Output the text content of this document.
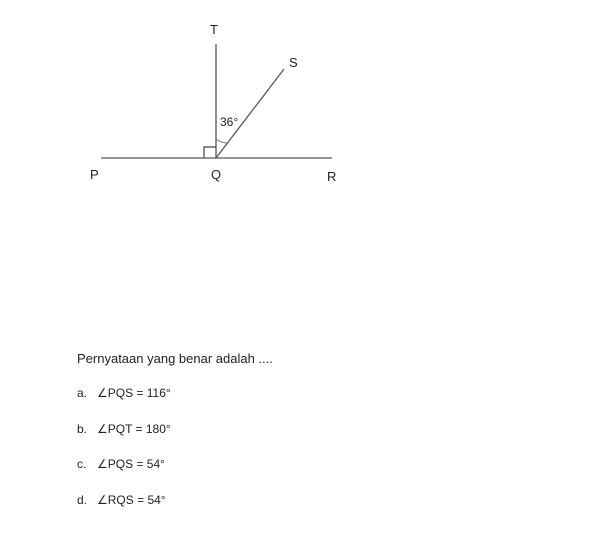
36°
T
S
P	Q	R

Pernyataan yang benar adalah ....

a. ∠PQS = 116°
b. ∠PQT = 180°
c. ∠PQS = 54°
d. ∠RQS = 54°
